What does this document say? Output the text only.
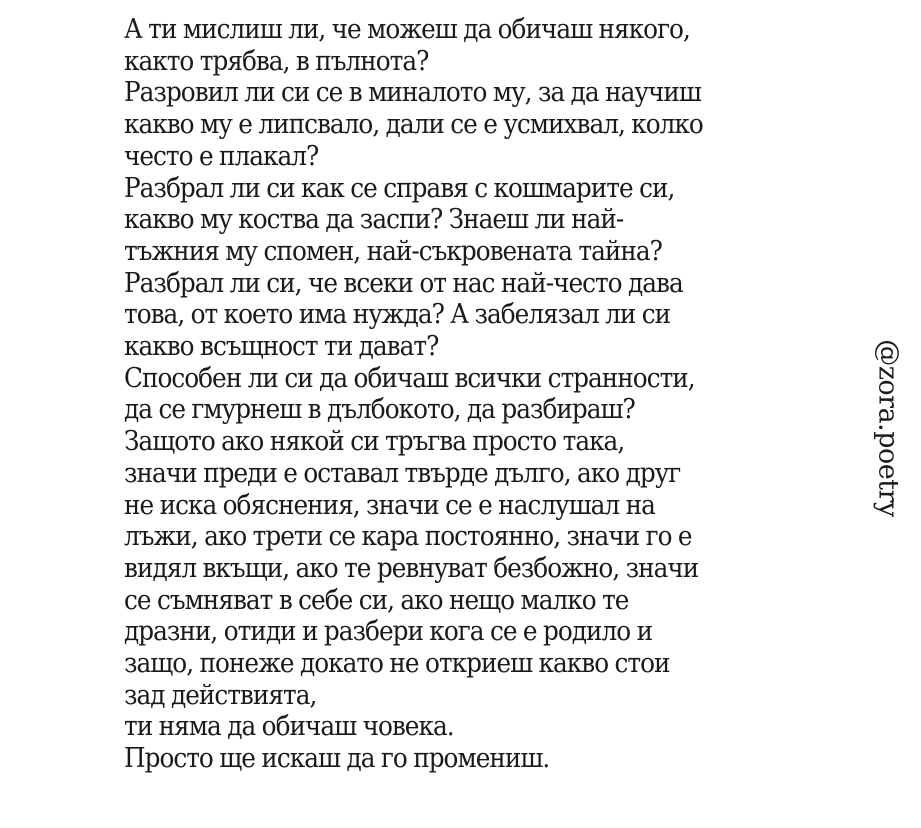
А ти мислиш ли, че можеш да обичаш някого,
както трябва, в пълнота?
Разровил ли си се в миналото му, за да научиш
какво му е липсвало, дали се е усмихвал, колко
често е плакал?
Разбрал ли си как се справя с кошмарите си,
какво му коства да заспи? Знаеш ли най-
тъжния му спомен, най-съкровената тайна?
Разбрал ли си, че всеки от нас най-често дава
това, от което има нужда? А забелязал ли си
какво всъщност ти дават?
Способен ли си да обичаш всички странности,
да се гмурнеш в дълбокото, да разбираш?
Защото ако някой си тръгва просто така,
значи преди е оставал твърде дълго, ако друг
не иска обяснения, значи се е наслушал на
лъжи, ако трети се кара постоянно, значи го е
видял вкъщи, ако те ревнуват безбожно, значи
се съмняват в себе си, ако нещо малко те
дразни, отиди и разбери кога се е родило и
защо, понеже докато не откриеш какво стои
зад действията,
ти няма да обичаш човека.
Просто ще искаш да го промениш.
@zora.poetry
